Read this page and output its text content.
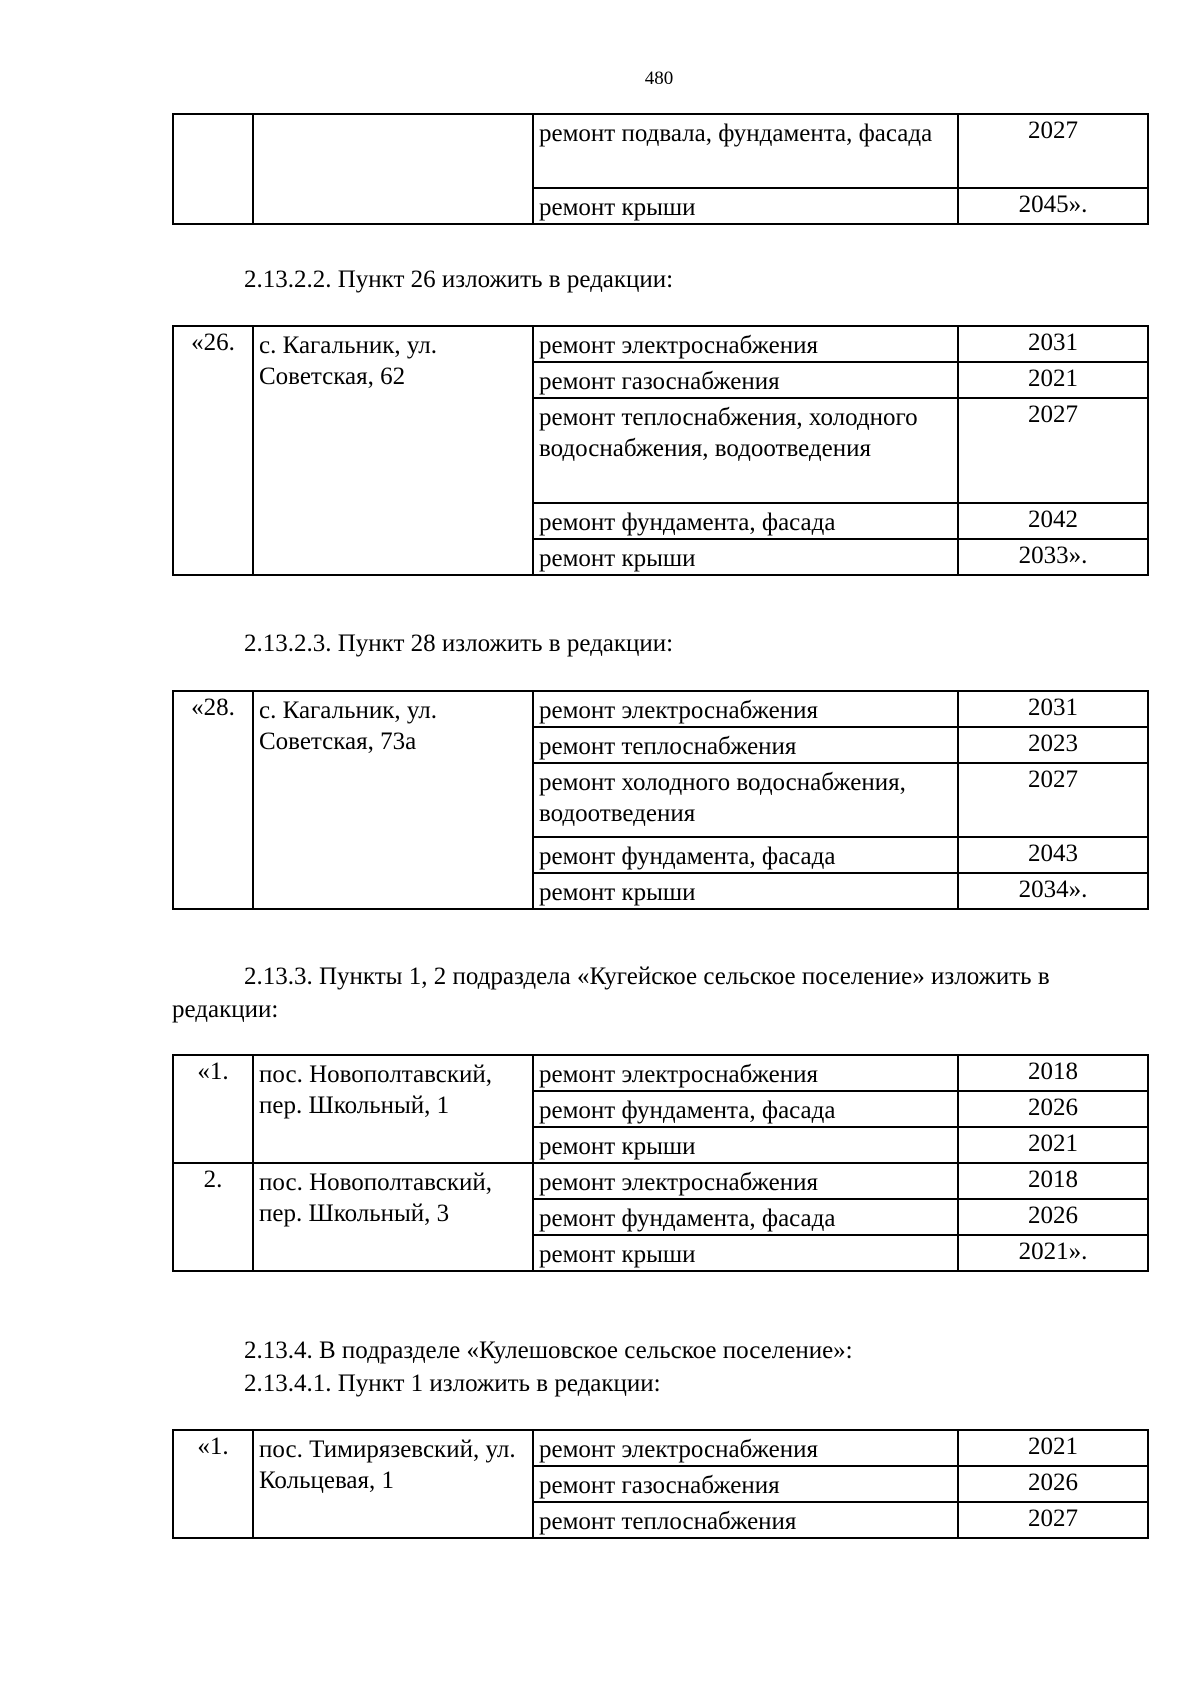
480
		ремонт подвала, фундамента, фасада	2027
		ремонт крыши	2045».
2.13.2.2. Пункт 26 изложить в редакции:
«26.	с. Кагальник, ул. Советская, 62	ремонт электроснабжения	2031
		ремонт газоснабжения	2021
		ремонт теплоснабжения, холодного водоснабжения, водоотведения	2027
		ремонт фундамента, фасада	2042
		ремонт крыши	2033».
2.13.2.3. Пункт 28 изложить в редакции:
«28.	с. Кагальник, ул. Советская, 73а	ремонт электроснабжения	2031
		ремонт теплоснабжения	2023
		ремонт холодного водоснабжения, водоотведения	2027
		ремонт фундамента, фасада	2043
		ремонт крыши	2034».
2.13.3. Пункты 1, 2 подраздела «Кугейское сельское поселение» изложить в редакции:
«1.	пос. Новополтавский, пер. Школьный, 1	ремонт электроснабжения	2018
		ремонт фундамента, фасада	2026
		ремонт крыши	2021
2.	пос. Новополтавский, пер. Школьный, 3	ремонт электроснабжения	2018
		ремонт фундамента, фасада	2026
		ремонт крыши	2021».
2.13.4. В подразделе «Кулешовское сельское поселение»:
2.13.4.1. Пункт 1 изложить в редакции:
«1.	пос. Тимирязевский, ул. Кольцевая, 1	ремонт электроснабжения	2021
		ремонт газоснабжения	2026
		ремонт теплоснабжения	2027
